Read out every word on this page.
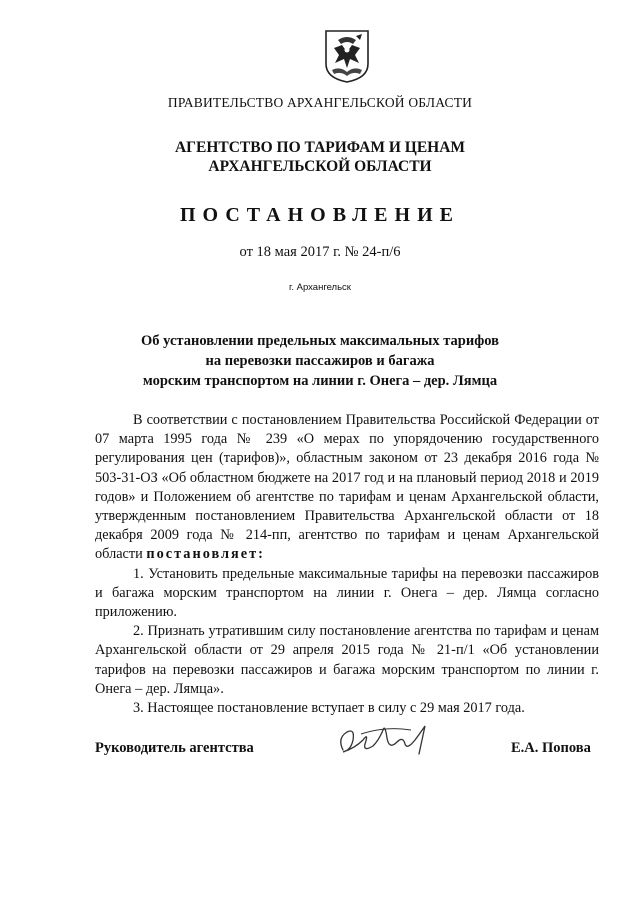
ПРАВИТЕЛЬСТВО АРХАНГЕЛЬСКОЙ ОБЛАСТИ
АГЕНТСТВО ПО ТАРИФАМ И ЦЕНАМ
АРХАНГЕЛЬСКОЙ ОБЛАСТИ
ПОСТАНОВЛЕНИЕ
от 18 мая 2017 г. № 24-п/6
г. Архангельск
Об установлении предельных максимальных тарифов
на перевозки пассажиров и багажа
морским транспортом на линии г. Онега – дер. Лямца

В соответствии с постановлением Правительства Российской Федерации от 07 марта 1995 года № 239 «О мерах по упорядочению государственного регулирования цен (тарифов)», областным законом от 23 декабря 2016 года № 503-31-ОЗ «Об областном бюджете на 2017 год и на плановый период 2018 и 2019 годов» и Положением об агентстве по тарифам и ценам Архангельской области, утвержденным постановлением Правительства Архангельской области от 18 декабря 2009 года № 214-пп, агентство по тарифам и ценам Архангельской области постановляет:

1. Установить предельные максимальные тарифы на перевозки пассажиров и багажа морским транспортом на линии г. Онега – дер. Лямца согласно приложению.

2. Признать утратившим силу постановление агентства по тарифам и ценам Архангельской области от 29 апреля 2015 года № 21-п/1 «Об установлении тарифов на перевозки пассажиров и багажа морским транспортом по линии г. Онега – дер. Лямца».

3. Настоящее постановление вступает в силу с 29 мая 2017 года.

Руководитель агентства	Е.А. Попова
